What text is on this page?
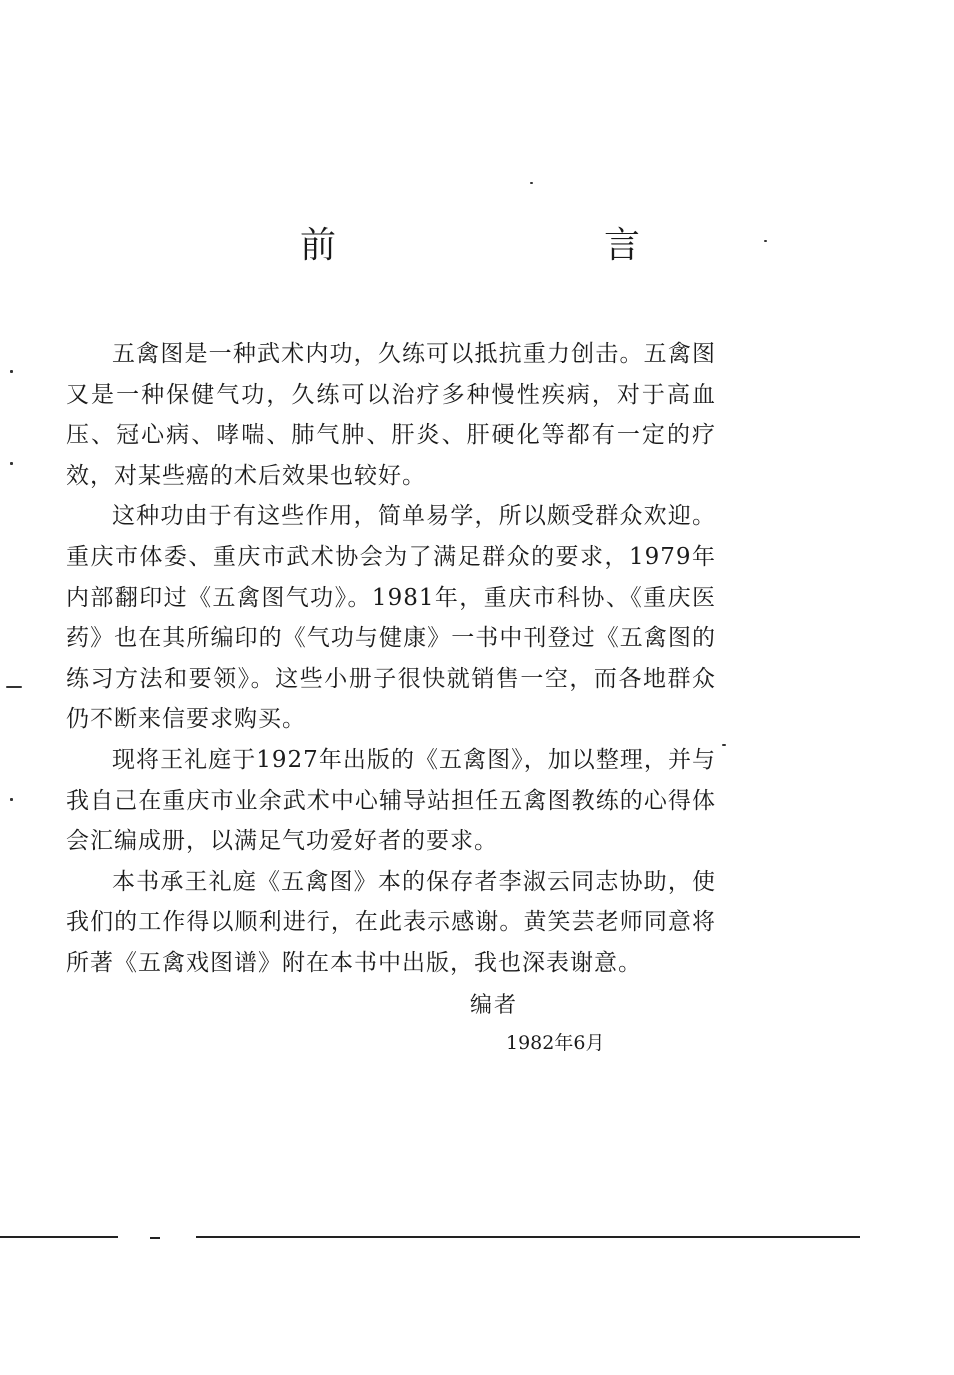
前　言

五禽图是一种武术内功，久练可以抵抗重力创击。五禽图又是一种保健气功，久练可以治疗多种慢性疾病，对于高血压、冠心病、哮喘、肺气肿、肝炎、肝硬化等都有一定的疗效，对某些癌的术后效果也较好。

这种功由于有这些作用，简单易学，所以颇受群众欢迎。重庆市体委、重庆市武术协会为了满足群众的要求，1979年内部翻印过《五禽图气功》。1981年，重庆市科协、《重庆医药》也在其所编印的《气功与健康》一书中刊登过《五禽图的练习方法和要领》。这些小册子很快就销售一空，而各地群众仍不断来信要求购买。

现将王礼庭于1927年出版的《五禽图》，加以整理，并与我自己在重庆市业余武术中心辅导站担任五禽图教练的心得体会汇编成册，以满足气功爱好者的要求。

本书承王礼庭《五禽图》本的保存者李淑云同志协助，使我们的工作得以顺利进行，在此表示感谢。黄笑芸老师同意将所著《五禽戏图谱》附在本书中出版，我也深表谢意。

编者
1982年6月
